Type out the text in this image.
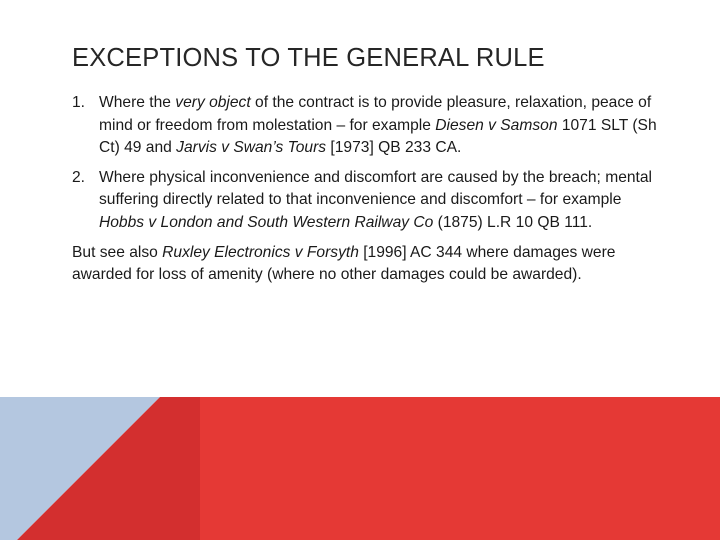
EXCEPTIONS TO THE GENERAL RULE
1. Where the very object of the contract is to provide pleasure, relaxation, peace of mind or freedom from molestation – for example Diesen v Samson 1071 SLT (Sh Ct) 49 and Jarvis v Swan’s Tours [1973] QB 233 CA.
2. Where physical inconvenience and discomfort are caused by the breach; mental suffering directly related to that inconvenience and discomfort – for example Hobbs v London and South Western Railway Co (1875) L.R 10 QB 111.
But see also Ruxley Electronics v Forsyth [1996] AC 344 where damages were awarded for loss of amenity (where no other damages could be awarded).
